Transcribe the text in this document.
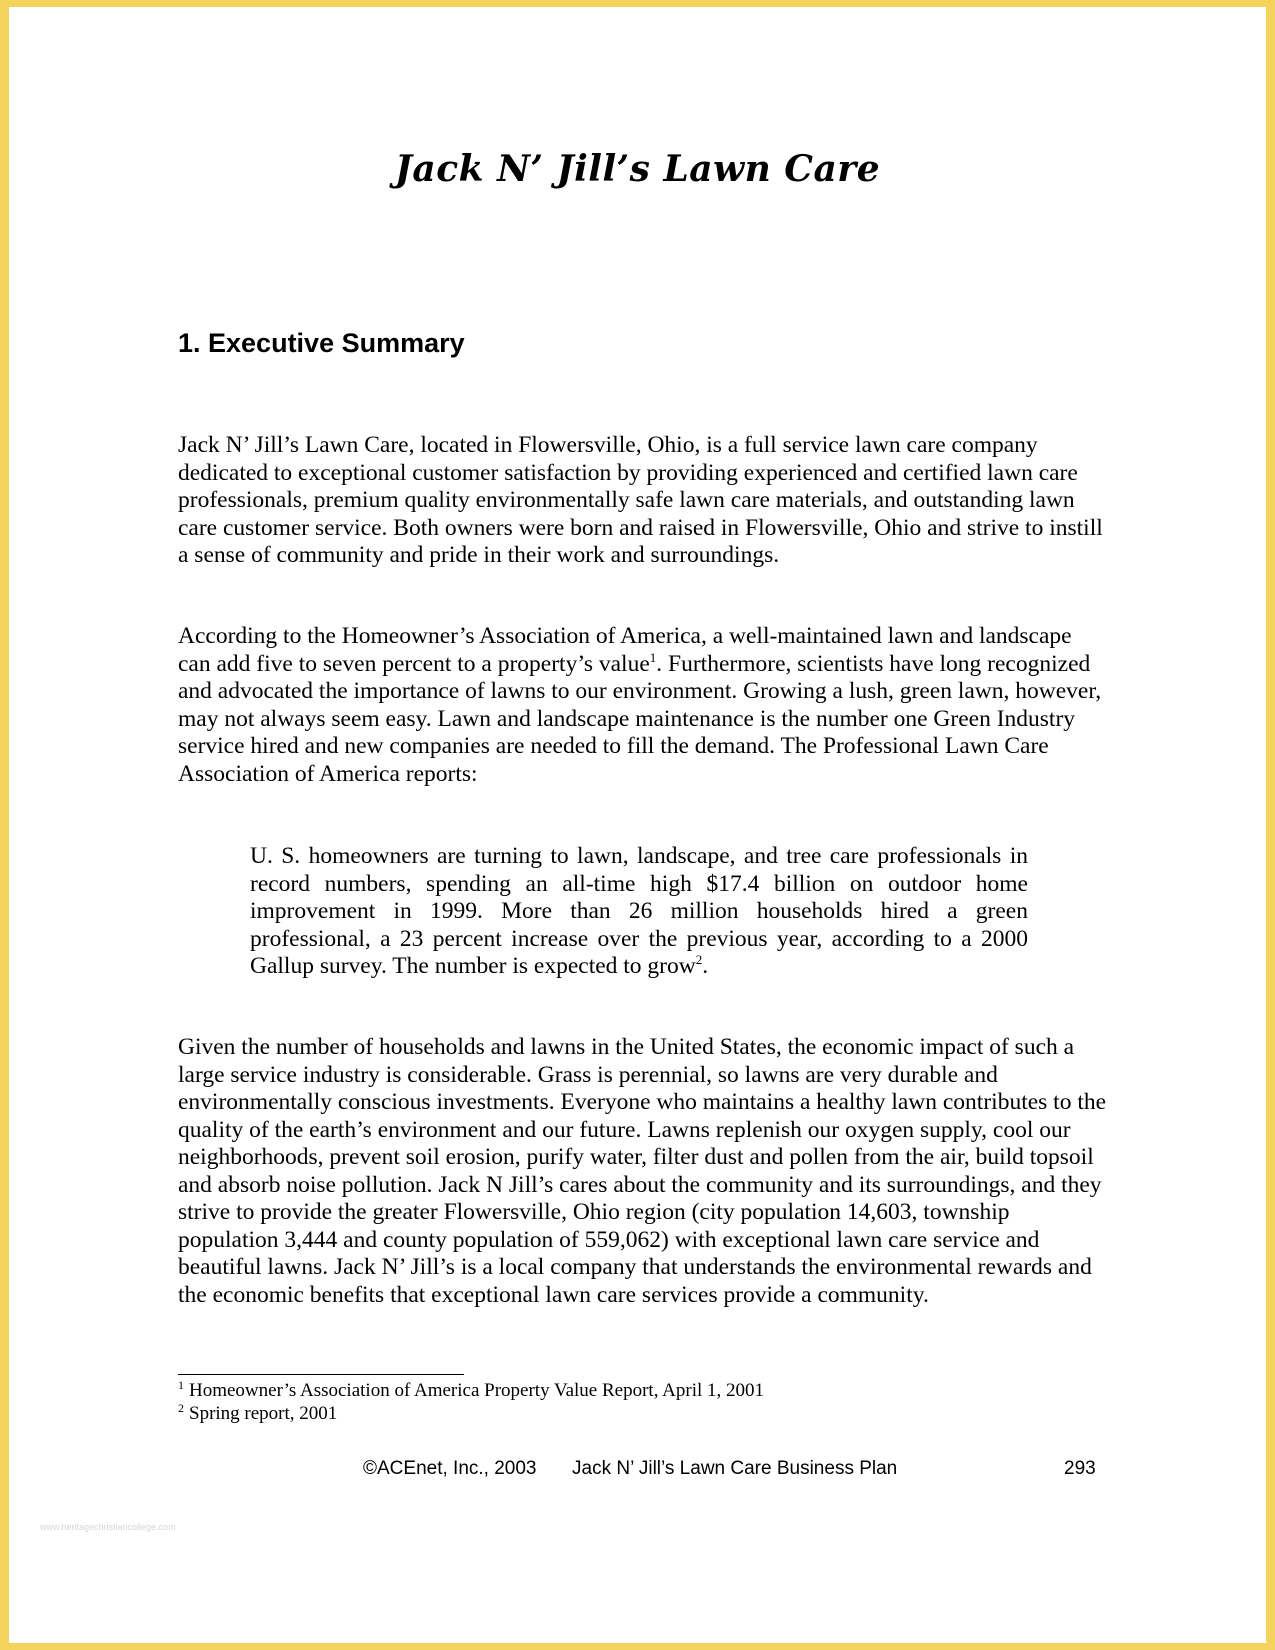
Jack N’ Jill’s Lawn Care
1. Executive Summary

Jack N’ Jill’s Lawn Care, located in Flowersville, Ohio, is a full service lawn care company dedicated to exceptional customer satisfaction by providing experienced and certified lawn care professionals, premium quality environmentally safe lawn care materials, and outstanding lawn care customer service. Both owners were born and raised in Flowersville, Ohio and strive to instill a sense of community and pride in their work and surroundings.

According to the Homeowner’s Association of America, a well-maintained lawn and landscape can add five to seven percent to a property’s value$^1$. Furthermore, scientists have long recognized and advocated the importance of lawns to our environment. Growing a lush, green lawn, however, may not always seem easy. Lawn and landscape maintenance is the number one Green Industry service hired and new companies are needed to fill the demand. The Professional Lawn Care Association of America reports:

U. S. homeowners are turning to lawn, landscape, and tree care professionals in record numbers, spending an all-time high $17.4 billion on outdoor home improvement in 1999. More than 26 million households hired a green professional, a 23 percent increase over the previous year, according to a 2000 Gallup survey. The number is expected to grow$^2$.

Given the number of households and lawns in the United States, the economic impact of such a large service industry is considerable. Grass is perennial, so lawns are very durable and environmentally conscious investments. Everyone who maintains a healthy lawn contributes to the quality of the earth’s environment and our future. Lawns replenish our oxygen supply, cool our neighborhoods, prevent soil erosion, purify water, filter dust and pollen from the air, build topsoil and absorb noise pollution. Jack N Jill’s cares about the community and its surroundings, and they strive to provide the greater Flowersville, Ohio region (city population 14,603, township population 3,444 and county population of 559,062) with exceptional lawn care service and beautiful lawns. Jack N’ Jill’s is a local company that understands the environmental rewards and the economic benefits that exceptional lawn care services provide a community.

$^1$ Homeowner’s Association of America Property Value Report, April 1, 2001
$^2$ Spring report, 2001
©ACEnet, Inc., 2003 Jack N’ Jill’s Lawn Care Business Plan	293
www.heritagechristiancollege.com
